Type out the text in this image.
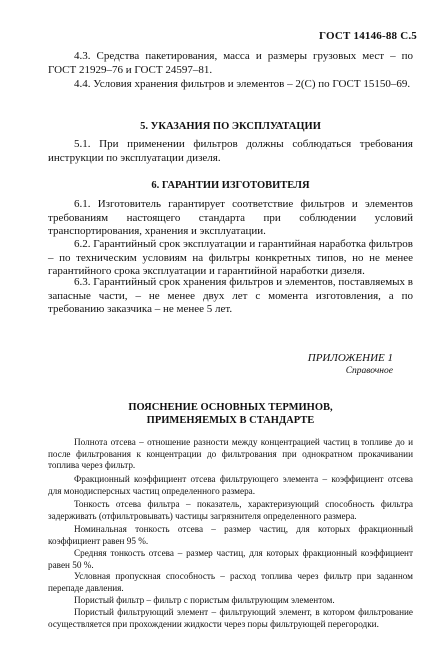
ГОСТ 14146-88 С.5
4.3. Средства пакетирования, масса и размеры грузовых мест – по ГОСТ 21929–76 и ГОСТ 24597–81.
4.4. Условия хранения фильтров и элементов – 2(С) по ГОСТ 15150–69.
5. УКАЗАНИЯ ПО ЭКСПЛУАТАЦИИ
5.1. При применении фильтров должны соблюдаться требования инструкции по эксплуатации дизеля.
6. ГАРАНТИИ ИЗГОТОВИТЕЛЯ
6.1. Изготовитель гарантирует соответствие фильтров и элементов требованиям настоящего стандарта при соблюдении условий транспортирования, хранения и эксплуатации.
6.2. Гарантийный срок эксплуатации и гарантийная наработка фильтров – по техническим условиям на фильтры конкретных типов, но не менее гарантийного срока эксплуатации и гарантийной наработки дизеля.
6.3. Гарантийный срок хранения фильтров и элементов, поставляемых в запасные части, – не менее двух лет с момента изготовления, а по требованию заказчика – не менее 5 лет.
ПРИЛОЖЕНИЕ 1
Справочное
ПОЯСНЕНИЕ ОСНОВНЫХ ТЕРМИНОВ,
ПРИМЕНЯЕМЫХ В СТАНДАРТЕ
Полнота отсева – отношение разности между концентрацией частиц в топливе до и после фильтрования к концентрации до фильтрования при однократном прокачивании топлива через фильтр.
Фракционный коэффициент отсева фильтрующего элемента – коэффициент отсева для монодисперсных частиц определенного размера.
Тонкость отсева фильтра – показатель, характеризующий способность фильтра задерживать (отфильтровывать) частицы загрязнителя определенного размера.
Номинальная тонкость отсева – размер частиц, для которых фракционный коэффициент равен 95 %.
Средняя тонкость отсева – размер частиц, для которых фракционный коэффициент равен 50 %.
Условная пропускная способность – расход топлива через фильтр при заданном перепаде давления.
Пористый фильтр – фильтр с пористым фильтрующим элементом.
Пористый фильтрующий элемент – фильтрующий элемент, в котором фильтрование осуществляется при прохождении жидкости через поры фильтрующей перегородки.
